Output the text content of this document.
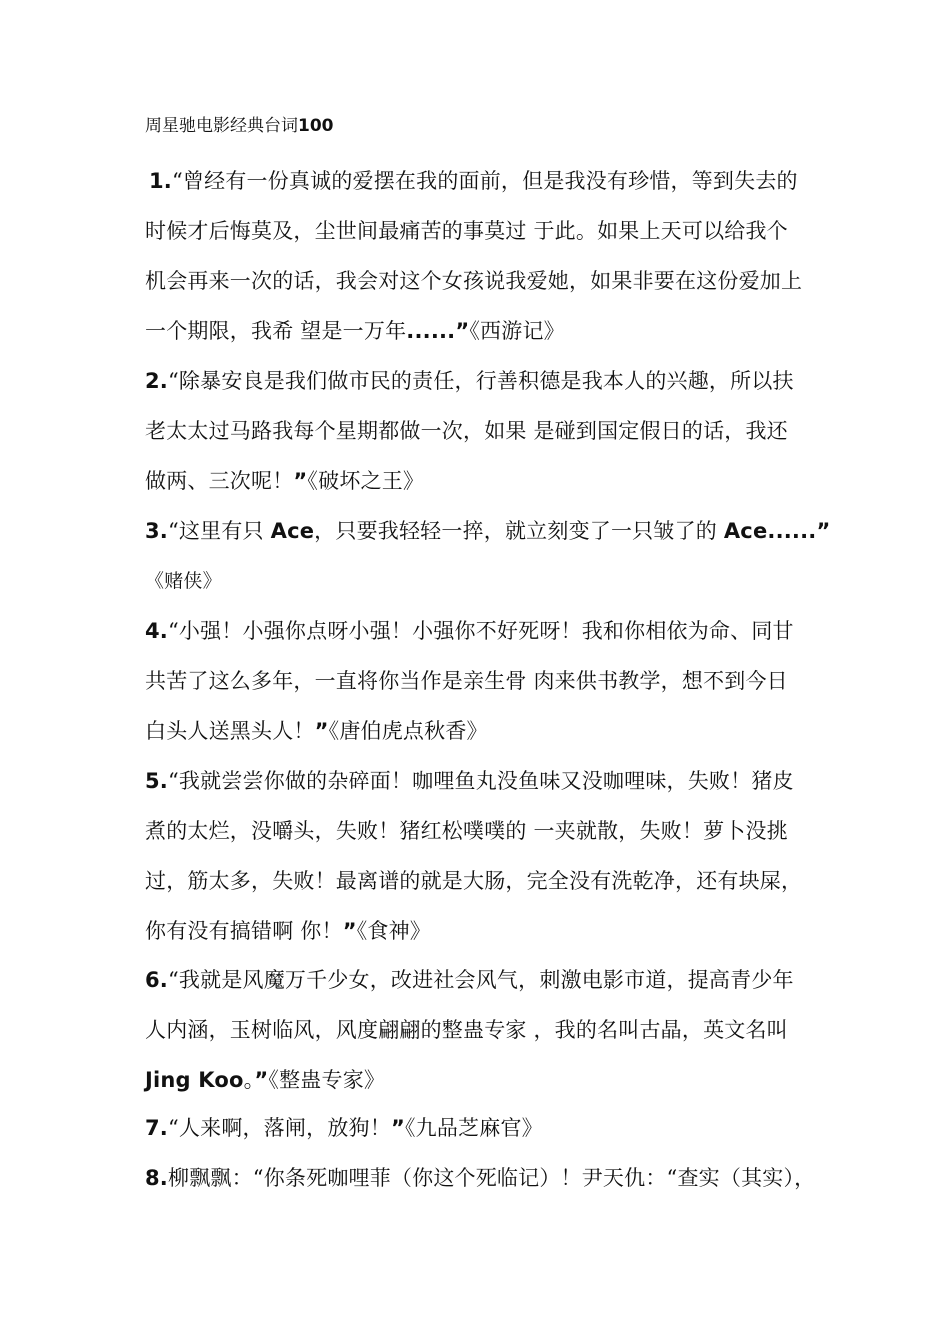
周星驰电影经典台词100
1.“曾经有一份真诚的爱摆在我的面前，但是我没有珍惜，等到失去的
时候才后悔莫及，尘世间最痛苦的事莫过 于此。如果上天可以给我个
机会再来一次的话，我会对这个女孩说我爱她，如果非要在这份爱加上
一个期限，我希 望是一万年......”《西游记》
2.“除暴安良是我们做市民的责任，行善积德是我本人的兴趣，所以扶
老太太过马路我每个星期都做一次，如果 是碰到国定假日的话，我还
做两、三次呢！”《破坏之王》
3.“这里有只 Ace，只要我轻轻一捽，就立刻变了一只皱了的 Ace......”
《赌侠》
4.“小强！小强你点呀小强！小强你不好死呀！我和你相依为命、同甘
共苦了这么多年，一直将你当作是亲生骨 肉来供书教学，想不到今日
白头人送黑头人！”《唐伯虎点秋香》
5.“我就尝尝你做的杂碎面！咖哩鱼丸没鱼味又没咖哩味，失败！猪皮
煮的太烂，没嚼头，失败！猪红松噗噗的 一夹就散，失败！萝卜没挑
过，筋太多，失败！最离谱的就是大肠，完全没有洗乾净，还有块屎，
你有没有搞错啊 你！”《食神》
6.“我就是风魔万千少女，改进社会风气，刺激电影市道，提高青少年
人内涵，玉树临风，风度翩翩的整蛊专家 ，我的名叫古晶，英文名叫
Jing Koo。”《整蛊专家》
7.“人来啊，落闸，放狗！”《九品芝麻官》
8.柳飘飘：“你条死咖哩菲（你这个死临记）！尹天仇：“查实（其实），
